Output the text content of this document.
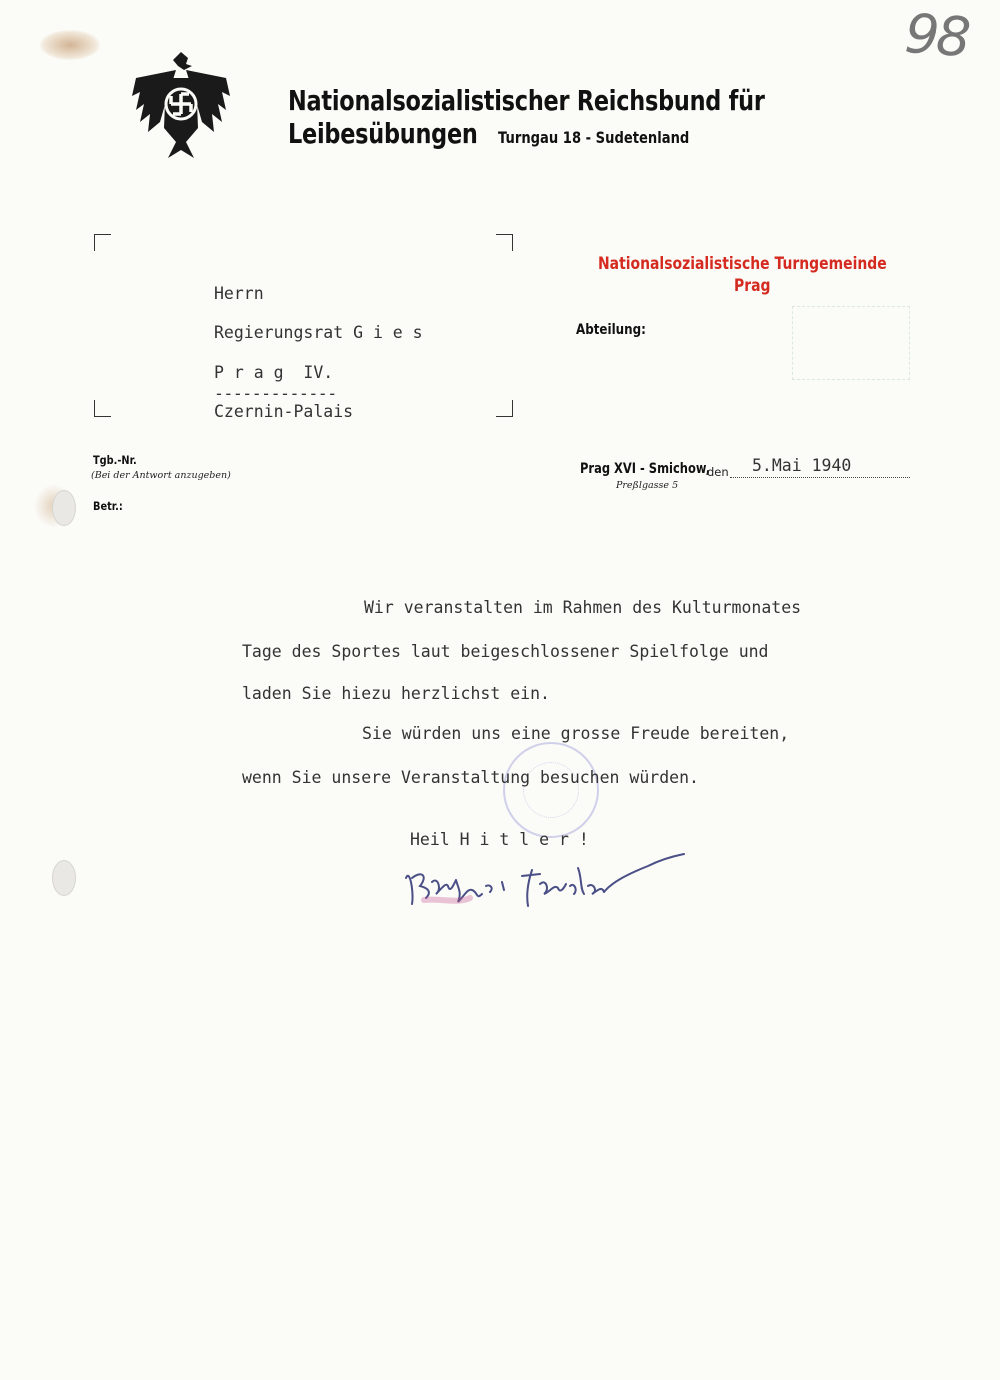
98
Nationalsozialistischer Reichsbund für Leibesübungen	Turngau 18 - Sudetenland
Nationalsozialistische Turngemeinde
Prag
Abteilung:
Herrn
Regierungsrat G i e s
P r a g  IV.
-------------
Czernin-Palais
Tgb.-Nr.
(Bei der Antwort anzugeben)
Betr.:
Prag XVI - Smichow,
den 5.Mai 1940
Preßlgasse 5
Wir veranstalten im Rahmen des Kulturmonates
Tage des Sportes laut beigeschlossener Spielfolge und
laden Sie hiezu herzlichst ein.
Sie würden uns eine grosse Freude bereiten,
wenn Sie unsere Veranstaltung besuchen würden.
Heil H i t l e r !
